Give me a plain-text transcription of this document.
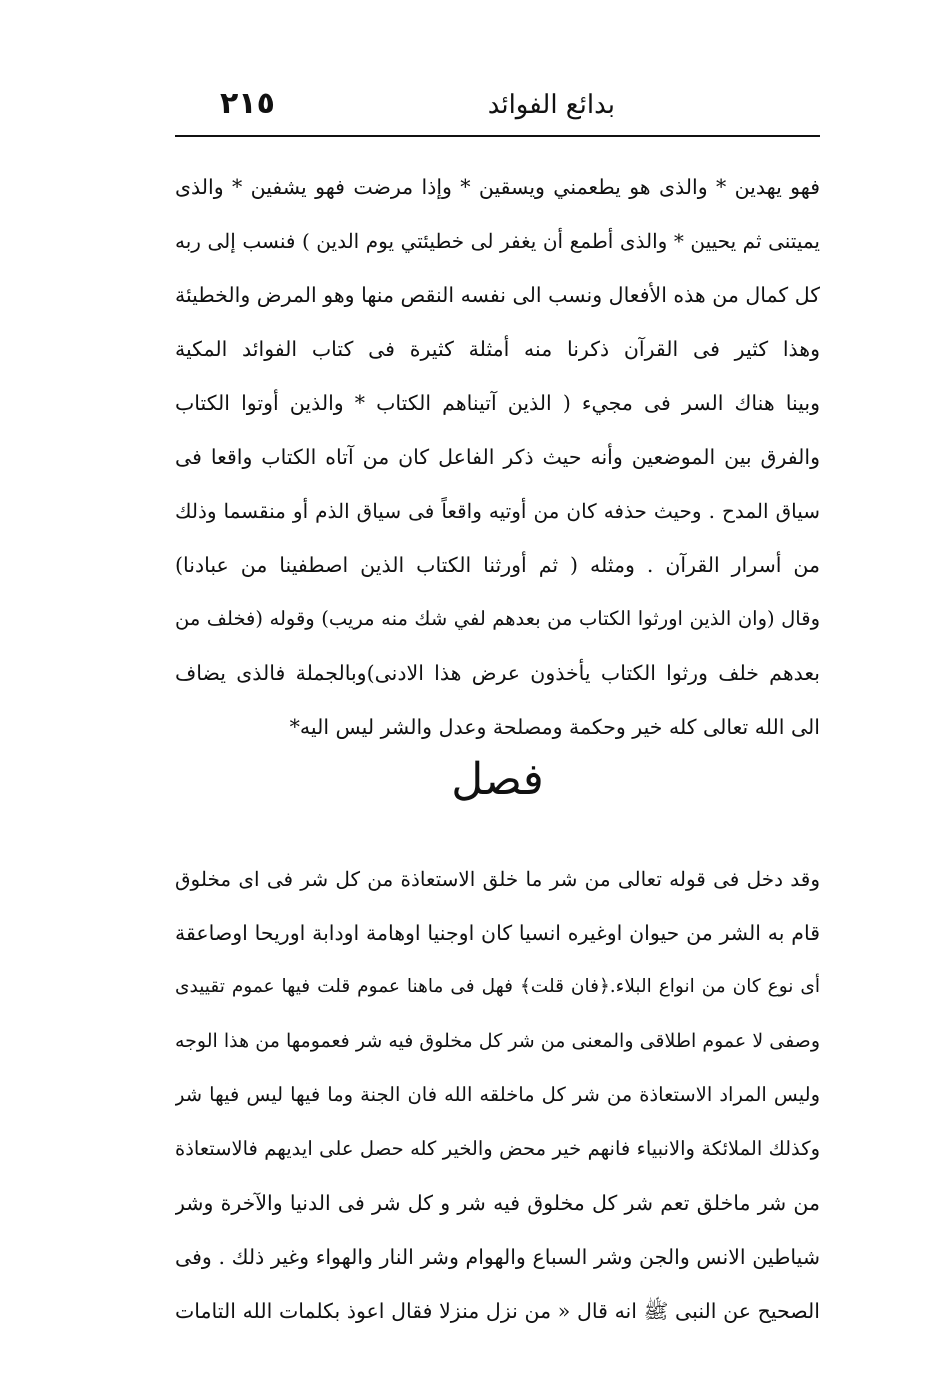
بدائع الفوائد
٢١٥
فهو يهدين * والذى هو يطعمني ويسقين * وإذا مرضت فهو يشفين * والذى
يميتنى ثم يحيين * والذى أطمع أن يغفر لى خطيئتي يوم الدين ) فنسب إلى ربه
كل كمال من هذه الأفعال ونسب الى نفسه النقص منها وهو المرض والخطيئة
وهذا كثير فى القرآن ذكرنا منه أمثلة كثيرة فى كتاب الفوائد المكية
وبينا هناك السر فى مجيء ( الذين آتيناهم الكتاب * والذين أوتوا الكتاب
والفرق بين الموضعين وأنه حيث ذكر الفاعل كان من آتاه الكتاب واقعا فى
سياق المدح . وحيث حذفه كان من أوتيه واقعاً فى سياق الذم أو منقسما وذلك
من أسرار القرآن . ومثله ( ثم أورثنا الكتاب الذين اصطفينا من عبادنا)
وقال (وان الذين اورثوا الكتاب من بعدهم لفي شك منه مريب) وقوله (فخلف من
بعدهم خلف ورثوا الكتاب يأخذون عرض هذا الادنى)وبالجملة فالذى يضاف
الى الله تعالى كله خير وحكمة ومصلحة وعدل والشر ليس اليه*
فصل
وقد دخل فى قوله تعالى من شر ما خلق الاستعاذة من كل شر فى اى مخلوق
قام به الشر من حيوان اوغيره انسيا كان اوجنيا اوهامة اودابة اوريحا اوصاعقة
أى نوع كان من انواع البلاء.﴿فان قلت﴾ فهل فى ماهنا عموم قلت فيها عموم تقييدى
وصفى لا عموم اطلاقى والمعنى من شر كل مخلوق فيه شر فعمومها من هذا الوجه
وليس المراد الاستعاذة من شر كل ماخلقه الله فان الجنة وما فيها ليس فيها شر
وكذلك الملائكة والانبياء فانهم خير محض والخير كله حصل على ايديهم فالاستعاذة
من شر ماخلق تعم شر كل مخلوق فيه شر و كل شر فى الدنيا والآخرة وشر
شياطين الانس والجن وشر السباع والهوام وشر النار والهواء وغير ذلك . وفى
الصحيح عن النبى ﷺ انه قال « من نزل منزلا فقال اعوذ بكلمات الله التامات
